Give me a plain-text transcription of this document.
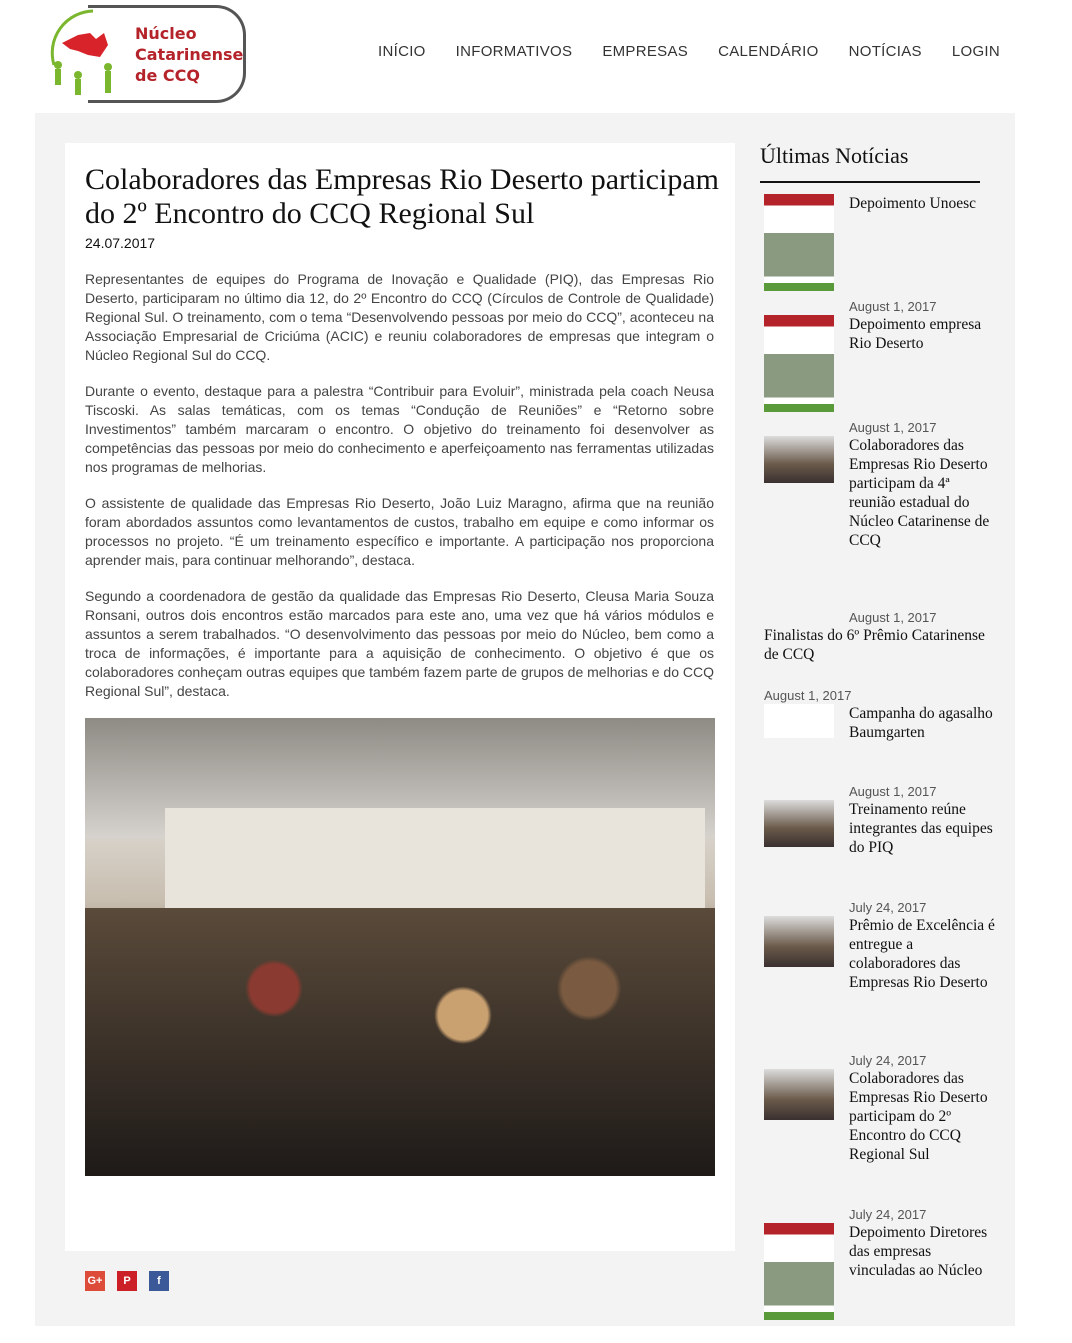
Núcleo
Catarinense
de CCQ
INÍCIO INFORMATIVOS EMPRESAS CALENDÁRIO NOTÍCIAS LOGIN
Colaboradores das Empresas Rio Deserto participam do 2º Encontro do CCQ Regional Sul
24.07.2017

Representantes de equipes do Programa de Inovação e Qualidade (PIQ), das Empresas Rio Deserto, participaram no último dia 12, do 2º Encontro do CCQ (Círculos de Controle de Qualidade) Regional Sul. O treinamento, com o tema “Desenvolvendo pessoas por meio do CCQ”, aconteceu na Associação Empresarial de Criciúma (ACIC) e reuniu colaboradores de empresas que integram o Núcleo Regional Sul do CCQ.

Durante o evento, destaque para a palestra “Contribuir para Evoluir”, ministrada pela coach Neusa Tiscoski. As salas temáticas, com os temas “Condução de Reuniões” e “Retorno sobre Investimentos” também marcaram o encontro. O objetivo do treinamento foi desenvolver as competências das pessoas por meio do conhecimento e aperfeiçoamento nas ferramentas utilizadas nos programas de melhorias.

O assistente de qualidade das Empresas Rio Deserto, João Luiz Maragno, afirma que na reunião foram abordados assuntos como levantamentos de custos, trabalho em equipe e como informar os processos no projeto. “É um treinamento específico e importante. A participação nos proporciona aprender mais, para continuar melhorando”, destaca.

Segundo a coordenadora de gestão da qualidade das Empresas Rio Deserto, Cleusa Maria Souza Ronsani, outros dois encontros estão marcados para este ano, uma vez que há vários módulos e assuntos a serem trabalhados. “O desenvolvimento das pessoas por meio do Núcleo, bem como a troca de informações, é importante para a aquisição de conhecimento. O objetivo é que os colaboradores conheçam outras equipes que também fazem parte de grupos de melhorias e do CCQ Regional Sul”, destaca.

G+	P	f
Últimas Notícias
Depoimento Unoesc
August 1, 2017
Depoimento empresa Rio Deserto
August 1, 2017
Colaboradores das Empresas Rio Deserto participam da 4ª reunião estadual do Núcleo Catarinense de CCQ
August 1, 2017
Finalistas do 6º Prêmio Catarinense de CCQ
August 1, 2017
Campanha do agasalho Baumgarten
August 1, 2017
Treinamento reúne integrantes das equipes do PIQ
July 24, 2017
Prêmio de Excelência é entregue a colaboradores das Empresas Rio Deserto
July 24, 2017
Colaboradores das Empresas Rio Deserto participam do 2º Encontro do CCQ Regional Sul
July 24, 2017
Depoimento Diretores das empresas vinculadas ao Núcleo
